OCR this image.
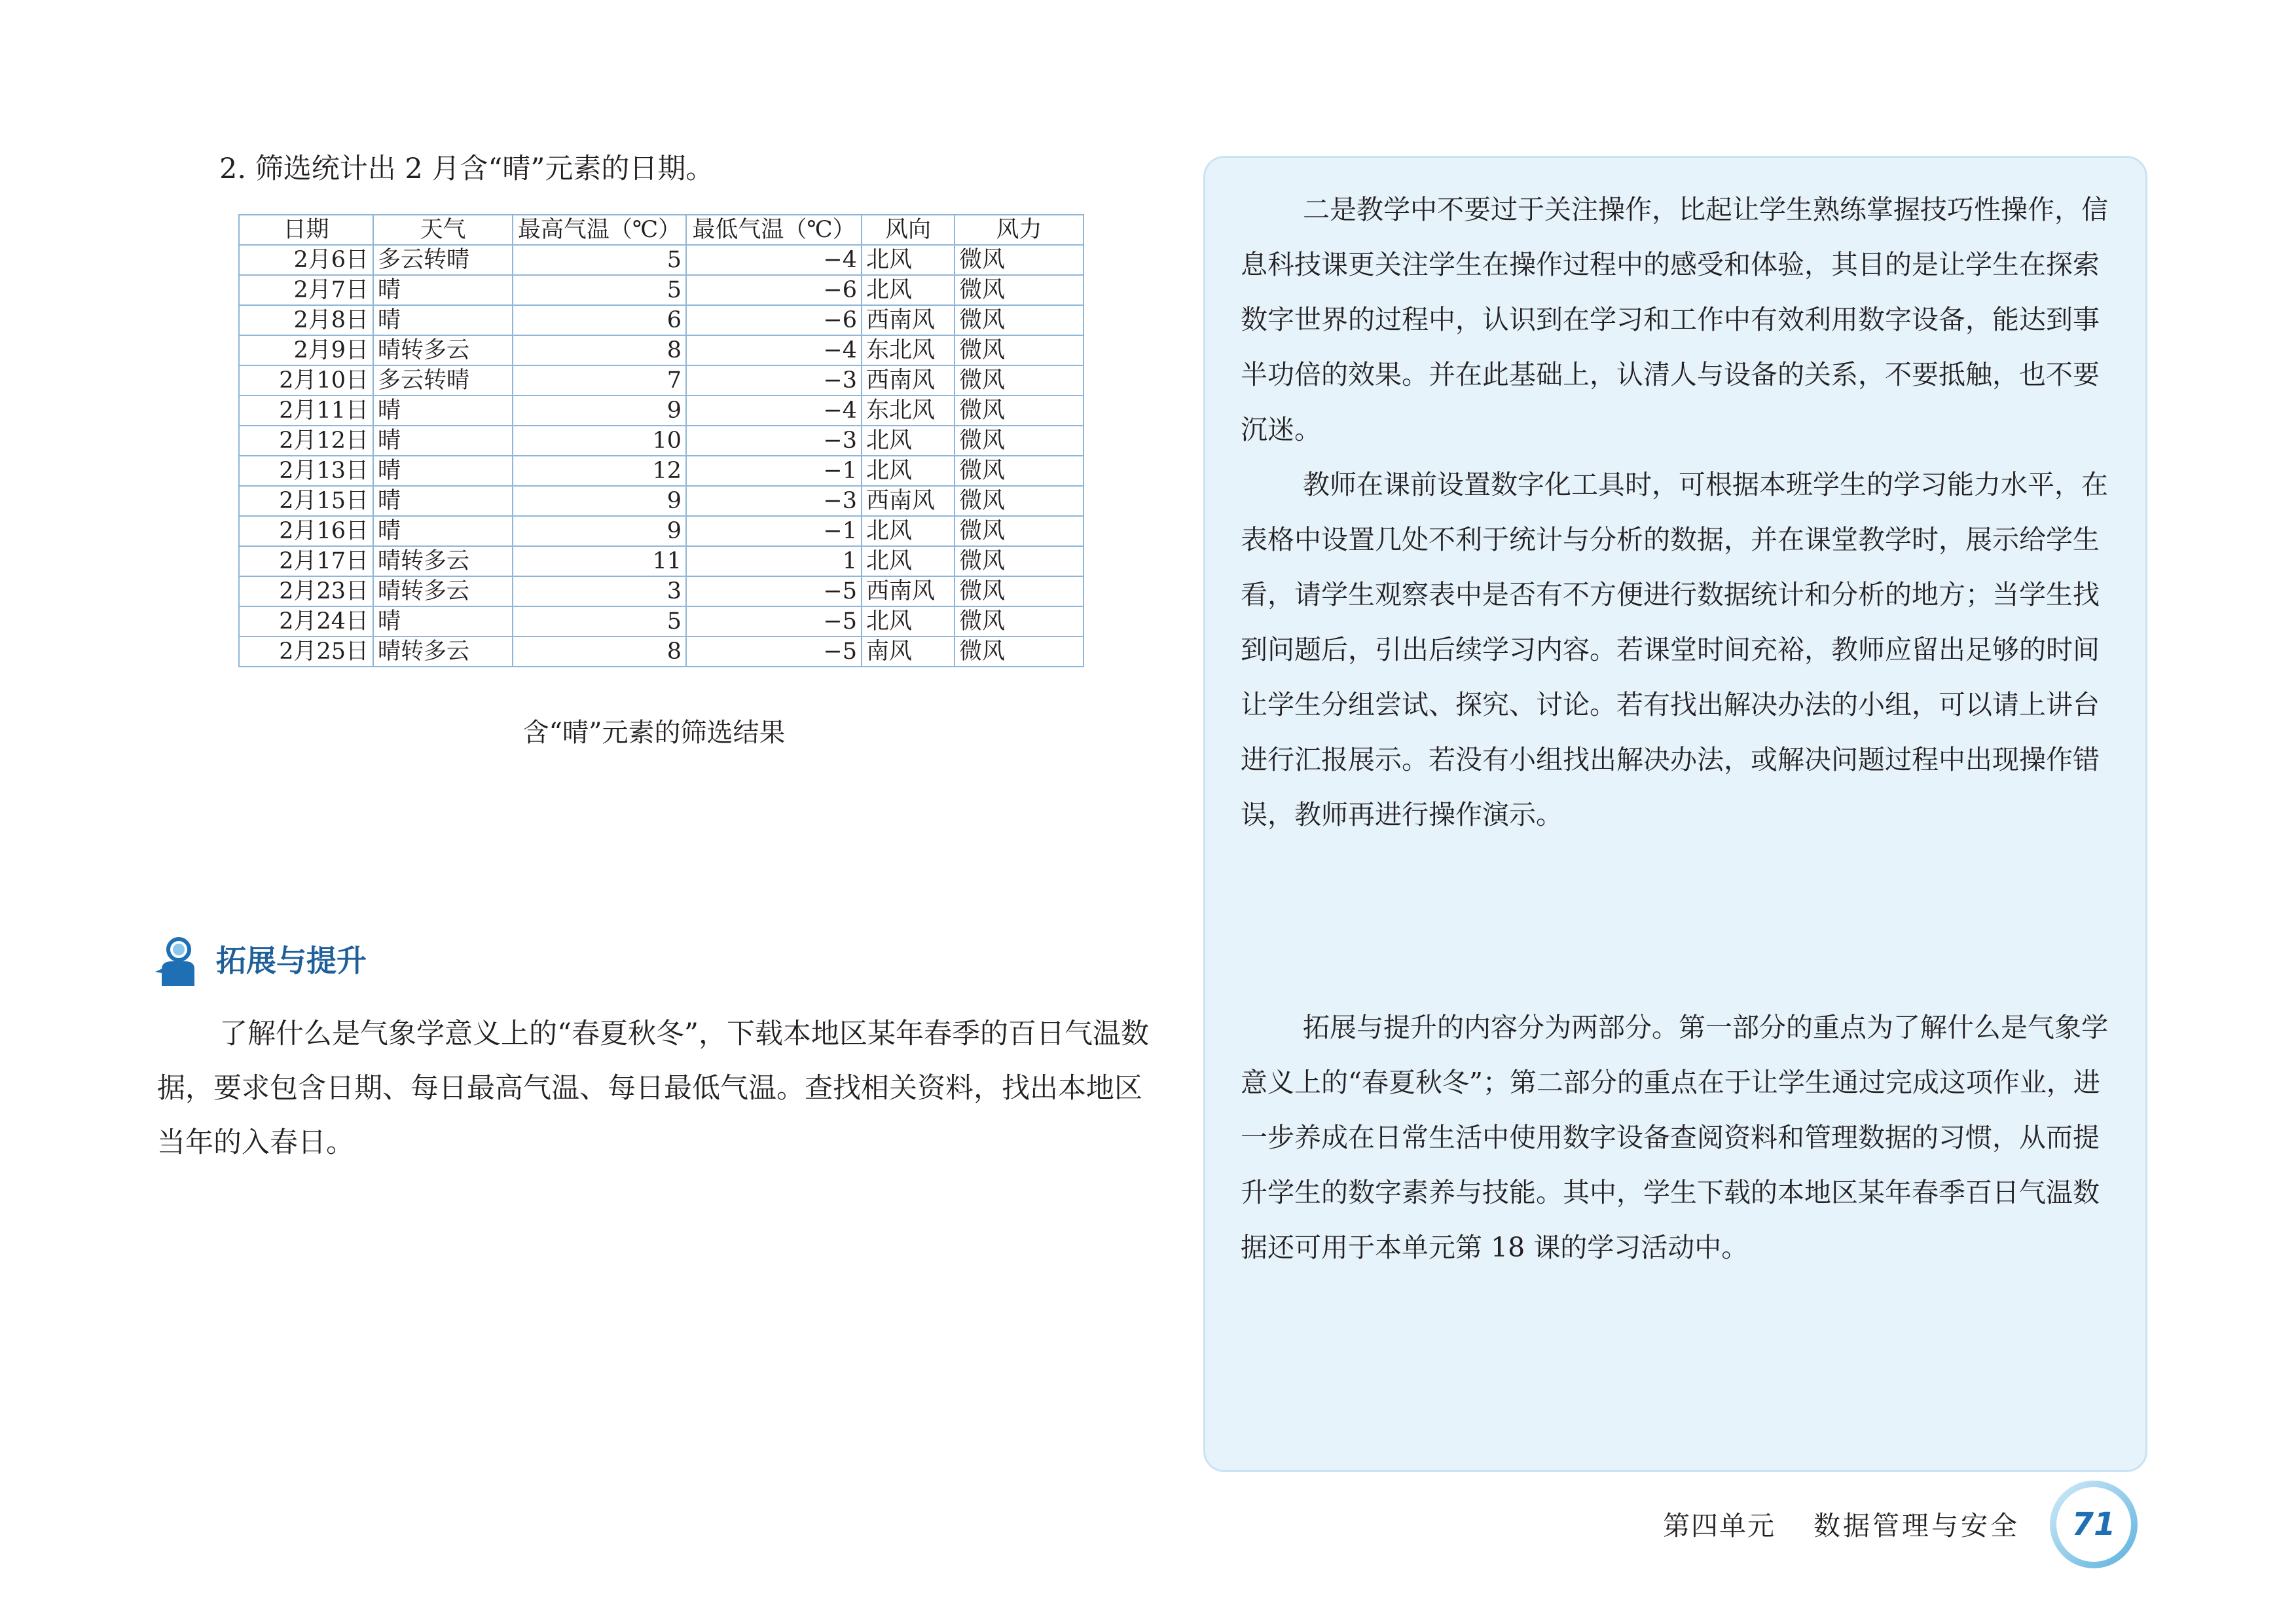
2. 筛选统计出 2 月含“晴”元素的日期。
日期	天气	最高气温（℃）	最低气温（℃）	风向	风力
2月6日	多云转晴	5	−4	北风	微风
2月7日	晴	5	−6	北风	微风
2月8日	晴	6	−6	西南风	微风
2月9日	晴转多云	8	−4	东北风	微风
2月10日	多云转晴	7	−3	西南风	微风
2月11日	晴	9	−4	东北风	微风
2月12日	晴	10	−3	北风	微风
2月13日	晴	12	−1	北风	微风
2月15日	晴	9	−3	西南风	微风
2月16日	晴	9	−1	北风	微风
2月17日	晴转多云	11	1	北风	微风
2月23日	晴转多云	3	−5	西南风	微风
2月24日	晴	5	−5	北风	微风
2月25日	晴转多云	8	−5	南风	微风
含“晴”元素的筛选结果
拓展与提升

了解什么是气象学意义上的“春夏秋冬”，下载本地区某年春季的百日气温数据，要求包含日期、每日最高气温、每日最低气温。查找相关资料，找出本地区当年的入春日。

二是教学中不要过于关注操作，比起让学生熟练掌握技巧性操作，信息科技课更关注学生在操作过程中的感受和体验，其目的是让学生在探索数字世界的过程中，认识到在学习和工作中有效利用数字设备，能达到事半功倍的效果。并在此基础上，认清人与设备的关系，不要抵触，也不要沉迷。

教师在课前设置数字化工具时，可根据本班学生的学习能力水平，在表格中设置几处不利于统计与分析的数据，并在课堂教学时，展示给学生看，请学生观察表中是否有不方便进行数据统计和分析的地方；当学生找到问题后，引出后续学习内容。若课堂时间充裕，教师应留出足够的时间让学生分组尝试、探究、讨论。若有找出解决办法的小组，可以请上讲台进行汇报展示。若没有小组找出解决办法，或解决问题过程中出现操作错误，教师再进行操作演示。

拓展与提升的内容分为两部分。第一部分的重点为了解什么是气象学意义上的“春夏秋冬”；第二部分的重点在于让学生通过完成这项作业，进一步养成在日常生活中使用数字设备查阅资料和管理数据的习惯，从而提升学生的数字素养与技能。其中，学生下载的本地区某年春季百日气温数据还可用于本单元第 18 课的学习活动中。

第四单元 数据管理与安全	71
